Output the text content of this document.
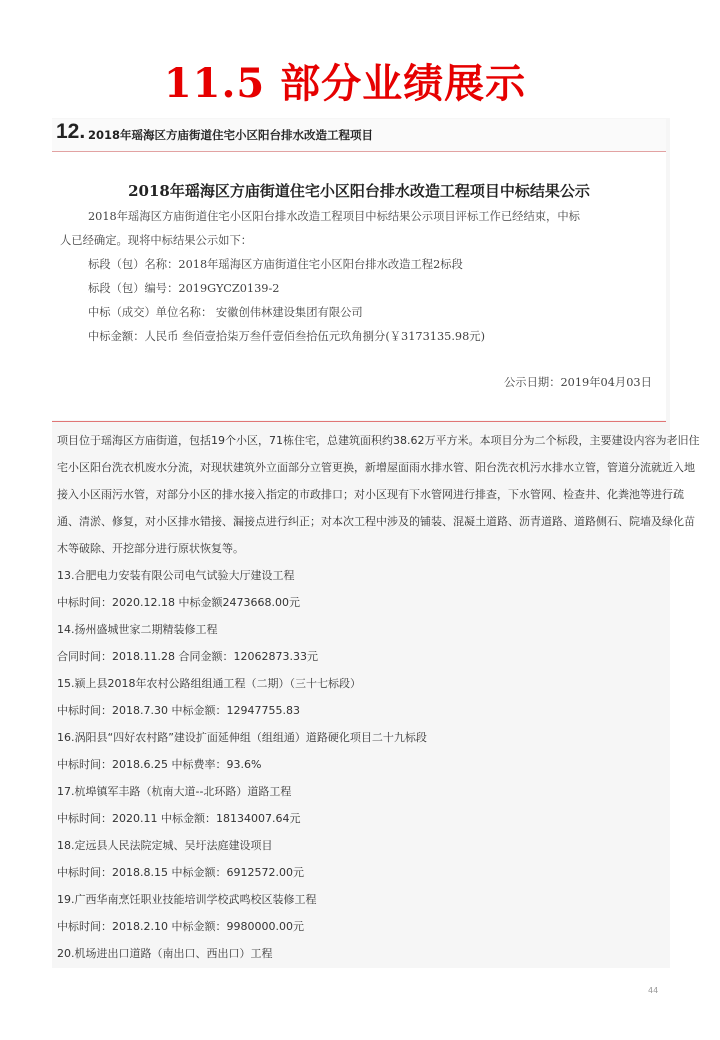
11.5 部分业绩展示
12. 2018年瑶海区方庙街道住宅小区阳台排水改造工程项目
2018年瑶海区方庙街道住宅小区阳台排水改造工程项目中标结果公示
2018年瑶海区方庙街道住宅小区阳台排水改造工程项目中标结果公示项目评标工作已经结束，中标
人已经确定。现将中标结果公示如下：
标段（包）名称：2018年瑶海区方庙街道住宅小区阳台排水改造工程2标段
标段（包）编号：2019GYCZ0139-2
中标（成交）单位名称： 安徽创伟林建设集团有限公司
中标金额：人民币 叁佰壹拾柒万叁仟壹佰叁拾伍元玖角捌分(￥3173135.98元)
公示日期：2019年04月03日
项目位于瑶海区方庙街道，包括19个小区，71栋住宅，总建筑面积约38.62万平方米。本项目分为二个标段，主要建设内容为老旧住
宅小区阳台洗衣机废水分流，对现状建筑外立面部分立管更换，新增屋面雨水排水管、阳台洗衣机污水排水立管，管道分流就近入地
接入小区雨污水管，对部分小区的排水接入指定的市政排口；对小区现有下水管网进行排查，下水管网、检查井、化粪池等进行疏
通、清淤、修复，对小区排水错接、漏接点进行纠正；对本次工程中涉及的铺装、混凝土道路、沥青道路、道路侧石、院墙及绿化苗
木等破除、开挖部分进行原状恢复等。
13.合肥电力安装有限公司电气试验大厅建设工程
中标时间：2020.12.18 中标金额2473668.00元
14.扬州盛城世家二期精装修工程
合同时间：2018.11.28 合同金额：12062873.33元
15.颍上县2018年农村公路组组通工程（二期）（三十七标段）
中标时间：2018.7.30 中标金额：12947755.83
16.涡阳县“四好农村路”建设扩面延伸组（组组通）道路硬化项目二十九标段
中标时间：2018.6.25 中标费率：93.6%
17.杭埠镇军丰路（杭南大道--北环路）道路工程
中标时间：2020.11 中标金额：18134007.64元
18.定远县人民法院定城、吴圩法庭建设项目
中标时间：2018.8.15 中标金额：6912572.00元
19.广西华南烹饪职业技能培训学校武鸣校区装修工程
中标时间：2018.2.10 中标金额：9980000.00元
20.机场进出口道路（南出口、西出口）工程
44
